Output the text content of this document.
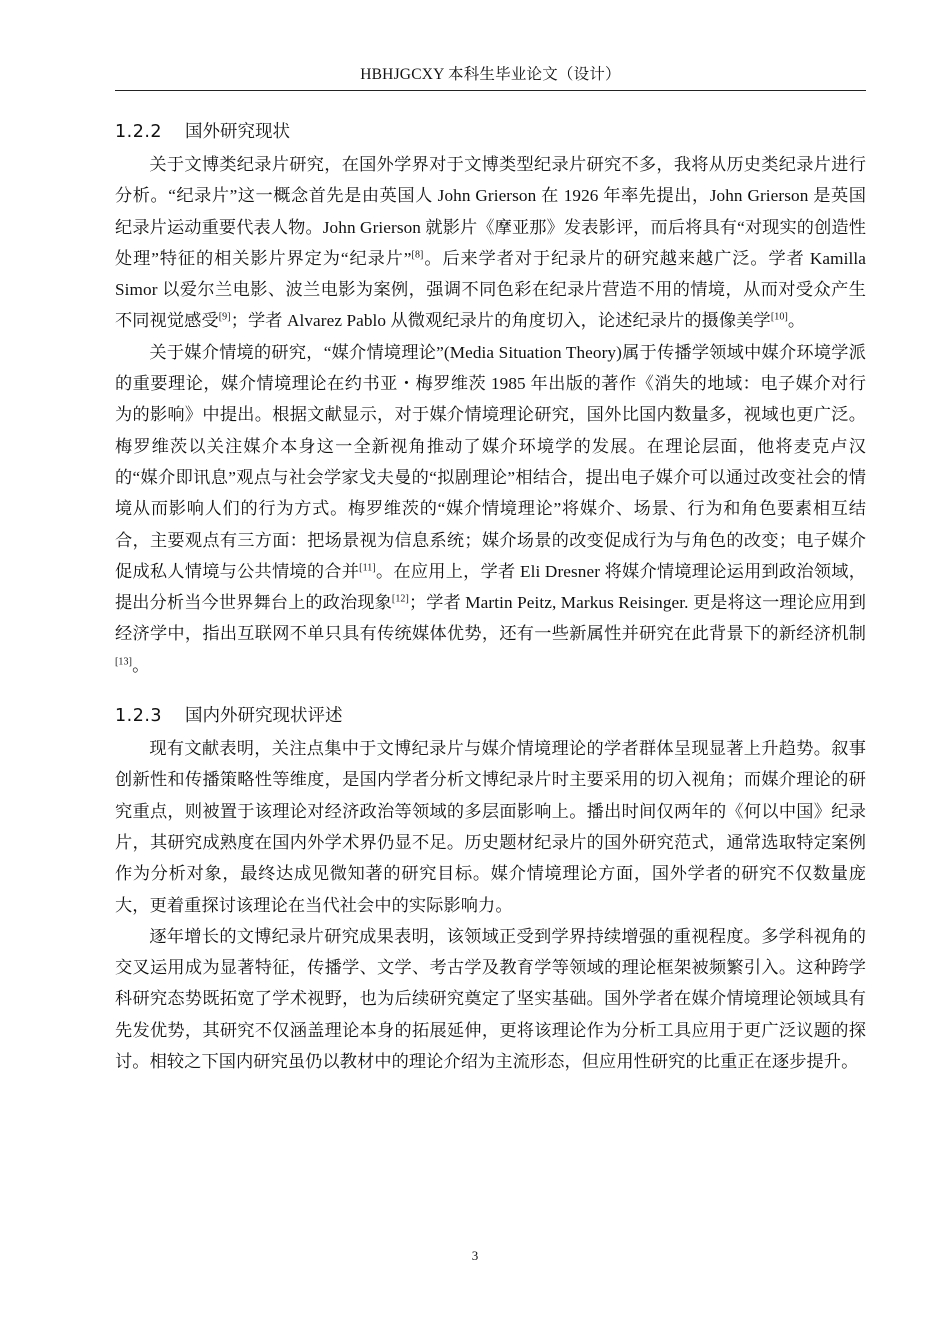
HBHJGCXY 本科生毕业论文（设计）
1.2.2 国外研究现状

关于文博类纪录片研究，在国外学界对于文博类型纪录片研究不多，我将从历史类纪录片进行分析。“纪录片”这一概念首先是由英国人 John Grierson 在 1926 年率先提出，John Grierson 是英国纪录片运动重要代表人物。John Grierson 就影片《摩亚那》发表影评，而后将具有“对现实的创造性处理”特征的相关影片界定为“纪录片”[8]。后来学者对于纪录片的研究越来越广泛。学者 Kamilla Simor 以爱尔兰电影、波兰电影为案例，强调不同色彩在纪录片营造不用的情境，从而对受众产生不同视觉感受[9]；学者 Alvarez Pablo 从微观纪录片的角度切入，论述纪录片的摄像美学[10]。

关于媒介情境的研究，“媒介情境理论”(Media Situation Theory)属于传播学领域中媒介环境学派的重要理论，媒介情境理论在约书亚・梅罗维茨 1985 年出版的著作《消失的地域：电子媒介对行为的影响》中提出。根据文献显示，对于媒介情境理论研究，国外比国内数量多，视域也更广泛。梅罗维茨以关注媒介本身这一全新视角推动了媒介环境学的发展。在理论层面，他将麦克卢汉的“媒介即讯息”观点与社会学家戈夫曼的“拟剧理论”相结合，提出电子媒介可以通过改变社会的情境从而影响人们的行为方式。梅罗维茨的“媒介情境理论”将媒介、场景、行为和角色要素相互结合，主要观点有三方面：把场景视为信息系统；媒介场景的改变促成行为与角色的改变；电子媒介促成私人情境与公共情境的合并[11]。在应用上，学者 Eli Dresner 将媒介情境理论运用到政治领域，提出分析当今世界舞台上的政治现象[12]；学者 Martin Peitz, Markus Reisinger. 更是将这一理论应用到经济学中，指出互联网不单只具有传统媒体优势，还有一些新属性并研究在此背景下的新经济机制[13]。

1.2.3 国内外研究现状评述

现有文献表明，关注点集中于文博纪录片与媒介情境理论的学者群体呈现显著上升趋势。叙事创新性和传播策略性等维度，是国内学者分析文博纪录片时主要采用的切入视角；而媒介理论的研究重点，则被置于该理论对经济政治等领域的多层面影响上。播出时间仅两年的《何以中国》纪录片，其研究成熟度在国内外学术界仍显不足。历史题材纪录片的国外研究范式，通常选取特定案例作为分析对象，最终达成见微知著的研究目标。媒介情境理论方面，国外学者的研究不仅数量庞大，更着重探讨该理论在当代社会中的实际影响力。

逐年增长的文博纪录片研究成果表明，该领域正受到学界持续增强的重视程度。多学科视角的交叉运用成为显著特征，传播学、文学、考古学及教育学等领域的理论框架被频繁引入。这种跨学科研究态势既拓宽了学术视野，也为后续研究奠定了坚实基础。国外学者在媒介情境理论领域具有先发优势，其研究不仅涵盖理论本身的拓展延伸，更将该理论作为分析工具应用于更广泛议题的探讨。相较之下国内研究虽仍以教材中的理论介绍为主流形态，但应用性研究的比重正在逐步提升。

3
